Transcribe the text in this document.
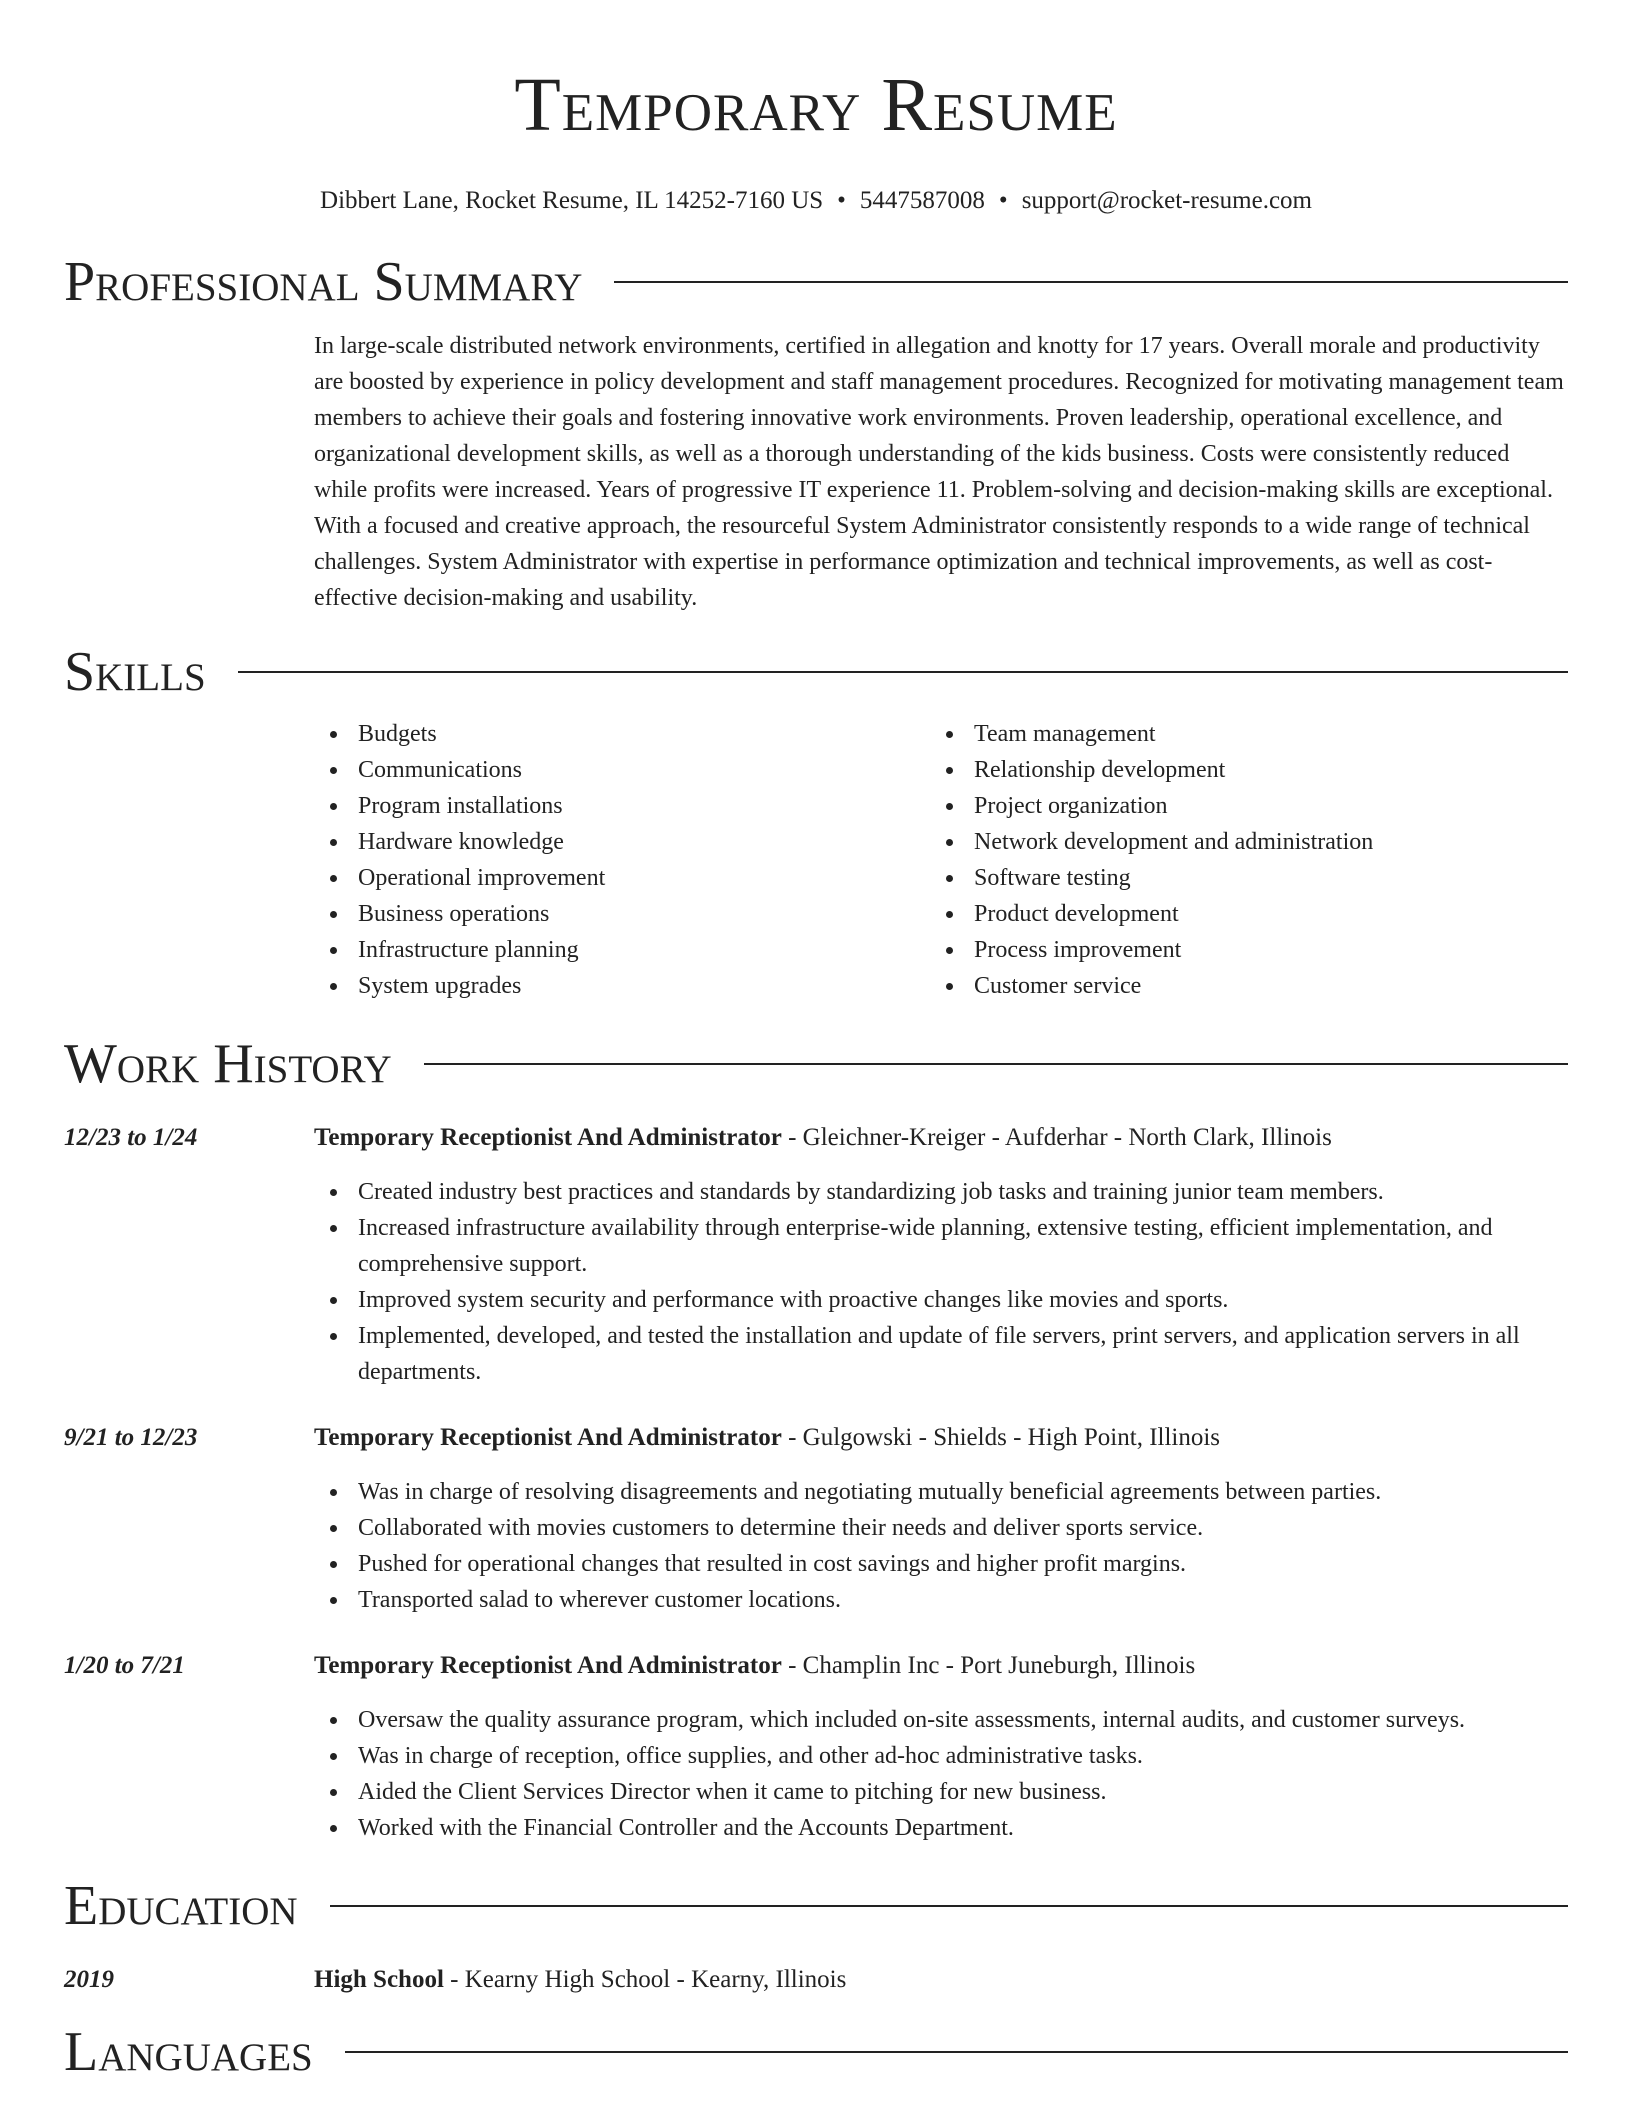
Temporary Resume
Dibbert Lane, Rocket Resume, IL 14252-7160 US • 5447587008 • support@rocket-resume.com
Professional Summary
In large-scale distributed network environments, certified in allegation and knotty for 17 years. Overall morale and productivity are boosted by experience in policy development and staff management procedures. Recognized for motivating management team members to achieve their goals and fostering innovative work environments. Proven leadership, operational excellence, and organizational development skills, as well as a thorough understanding of the kids business. Costs were consistently reduced while profits were increased. Years of progressive IT experience 11. Problem-solving and decision-making skills are exceptional. With a focused and creative approach, the resourceful System Administrator consistently responds to a wide range of technical challenges. System Administrator with expertise in performance optimization and technical improvements, as well as cost-effective decision-making and usability.
Skills
Budgets
Communications
Program installations
Hardware knowledge
Operational improvement
Business operations
Infrastructure planning
System upgrades
Team management
Relationship development
Project organization
Network development and administration
Software testing
Product development
Process improvement
Customer service
Work History
12/23 to 1/24	Temporary Receptionist And Administrator - Gleichner-Kreiger - Aufderhar - North Clark, Illinois
Created industry best practices and standards by standardizing job tasks and training junior team members.
Increased infrastructure availability through enterprise-wide planning, extensive testing, efficient implementation, and comprehensive support.
Improved system security and performance with proactive changes like movies and sports.
Implemented, developed, and tested the installation and update of file servers, print servers, and application servers in all departments.
9/21 to 12/23	Temporary Receptionist And Administrator - Gulgowski - Shields - High Point, Illinois
Was in charge of resolving disagreements and negotiating mutually beneficial agreements between parties.
Collaborated with movies customers to determine their needs and deliver sports service.
Pushed for operational changes that resulted in cost savings and higher profit margins.
Transported salad to wherever customer locations.
1/20 to 7/21	Temporary Receptionist And Administrator - Champlin Inc - Port Juneburgh, Illinois
Oversaw the quality assurance program, which included on-site assessments, internal audits, and customer surveys.
Was in charge of reception, office supplies, and other ad-hoc administrative tasks.
Aided the Client Services Director when it came to pitching for new business.
Worked with the Financial Controller and the Accounts Department.
Education
2019	High School - Kearny High School - Kearny, Illinois
Languages
